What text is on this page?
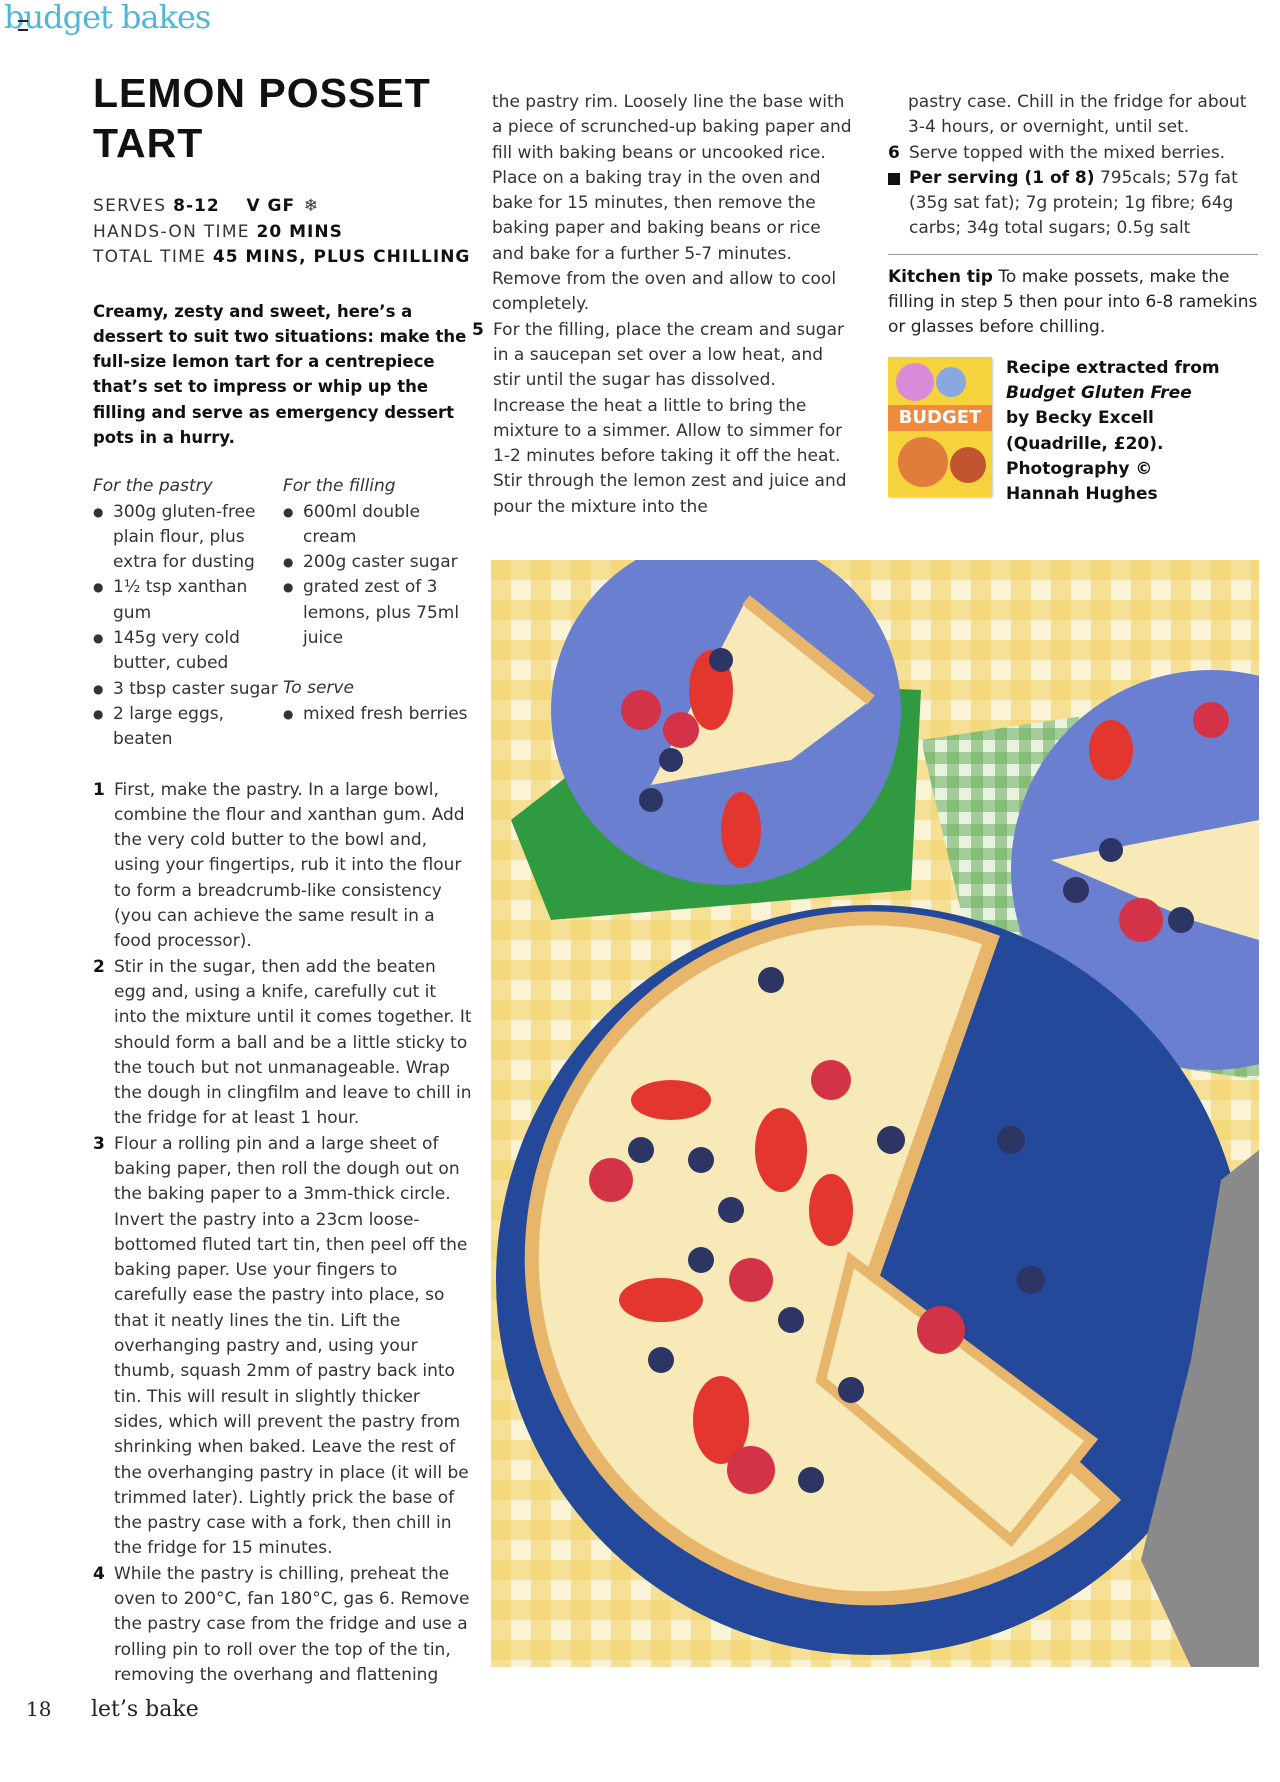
budget bakes
LEMON POSSET
TART
SERVES 8-12 V GF ❄
HANDS-ON TIME 20 MINS
TOTAL TIME 45 MINS, PLUS CHILLING
Creamy, zesty and sweet, here’s a dessert to suit two situations: make the full-size lemon tart for a centrepiece that’s set to impress or whip up the filling and serve as emergency dessert pots in a hurry.
For the pastry
● 300g gluten-free plain flour, plus extra for dusting
● 1½ tsp xanthan gum
● 145g very cold butter, cubed
● 3 tbsp caster sugar
● 2 large eggs, beaten
For the filling
● 600ml double cream
● 200g caster sugar
● grated zest of 3 lemons, plus 75ml juice
To serve
● mixed fresh berries
1 First, make the pastry. In a large bowl, combine the flour and xanthan gum. Add the very cold butter to the bowl and, using your fingertips, rub it into the flour to form a breadcrumb-like consistency (you can achieve the same result in a food processor).
2 Stir in the sugar, then add the beaten egg and, using a knife, carefully cut it into the mixture until it comes together. It should form a ball and be a little sticky to the touch but not unmanageable. Wrap the dough in clingfilm and leave to chill in the fridge for at least 1 hour.
3 Flour a rolling pin and a large sheet of baking paper, then roll the dough out on the baking paper to a 3mm-thick circle. Invert the pastry into a 23cm loose-bottomed fluted tart tin, then peel off the baking paper. Use your fingers to carefully ease the pastry into place, so that it neatly lines the tin. Lift the overhanging pastry and, using your thumb, squash 2mm of pastry back into tin. This will result in slightly thicker sides, which will prevent the pastry from shrinking when baked. Leave the rest of the overhanging pastry in place (it will be trimmed later). Lightly prick the base of the pastry case with a fork, then chill in the fridge for 15 minutes.
4 While the pastry is chilling, preheat the oven to 200°C, fan 180°C, gas 6. Remove the pastry case from the fridge and use a rolling pin to roll over the top of the tin, removing the overhang and flattening
the pastry rim. Loosely line the base with a piece of scrunched-up baking paper and fill with baking beans or uncooked rice. Place on a baking tray in the oven and bake for 15 minutes, then remove the baking paper and baking beans or rice and bake for a further 5-7 minutes. Remove from the oven and allow to cool completely.
5 For the filling, place the cream and sugar in a saucepan set over a low heat, and stir until the sugar has dissolved. Increase the heat a little to bring the mixture to a simmer. Allow to simmer for 1-2 minutes before taking it off the heat. Stir through the lemon zest and juice and pour the mixture into the
pastry case. Chill in the fridge for about 3-4 hours, or overnight, until set.
6 Serve topped with the mixed berries.
Per serving (1 of 8) 795cals; 57g fat (35g sat fat); 7g protein; 1g fibre; 64g carbs; 34g total sugars; 0.5g salt
Kitchen tip To make possets, make the filling in step 5 then pour into 6-8 ramekins or glasses before chilling.
BUDGET
Recipe extracted from
Budget Gluten Free
by Becky Excell
(Quadrille, £20).
Photography ©
Hannah Hughes
18 let’s bake
